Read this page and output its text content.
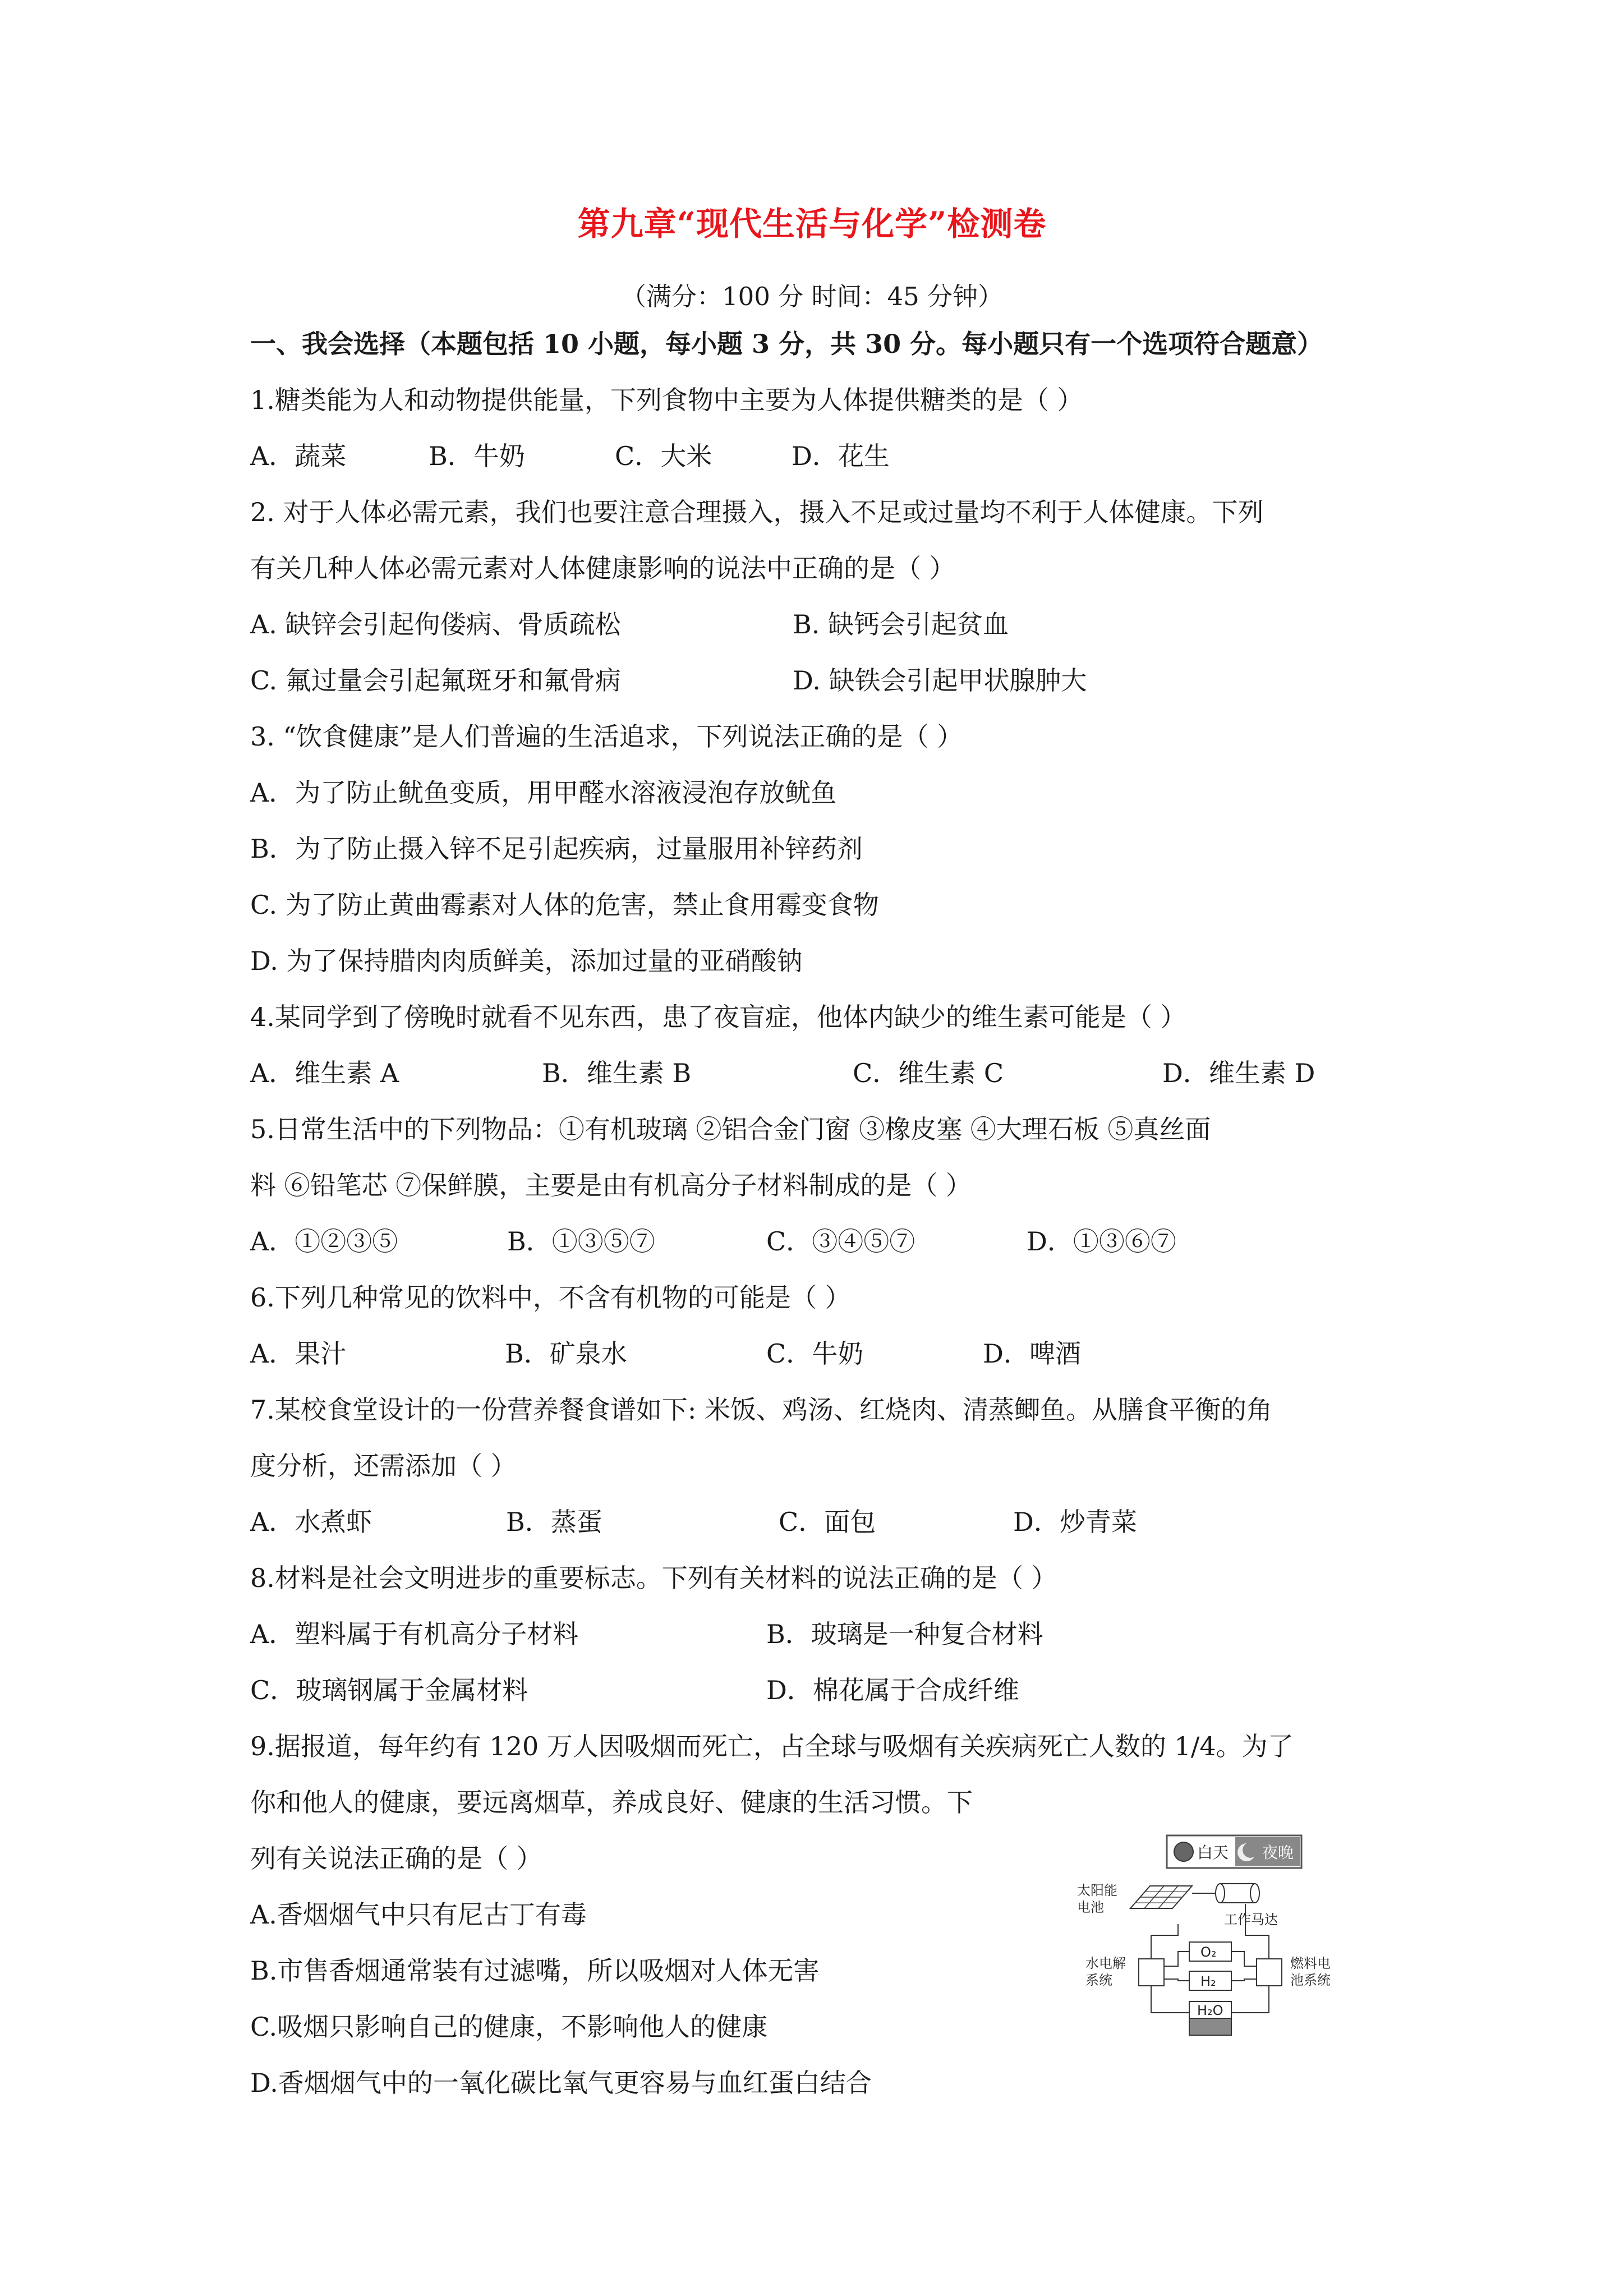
第九章“现代生活与化学”检测卷
（满分：100 分 时间：45 分钟）
一、我会选择（本题包括 10 小题，每小题 3 分，共 30 分。每小题只有一个选项符合题意）
1.糖类能为人和动物提供能量，下列食物中主要为人体提供糖类的是（ ）
A．蔬菜	B．牛奶	C．大米	D．花生
2. 对于人体必需元素，我们也要注意合理摄入，摄入不足或过量均不利于人体健康。下列
有关几种人体必需元素对人体健康影响的说法中正确的是（ ）
A. 缺锌会引起佝偻病、骨质疏松	B. 缺钙会引起贫血
C. 氟过量会引起氟斑牙和氟骨病	D. 缺铁会引起甲状腺肿大
3. “饮食健康”是人们普遍的生活追求，下列说法正确的是（ ）
A．为了防止鱿鱼变质，用甲醛水溶液浸泡存放鱿鱼
B．为了防止摄入锌不足引起疾病，过量服用补锌药剂
C. 为了防止黄曲霉素对人体的危害，禁止食用霉变食物
D. 为了保持腊肉肉质鲜美，添加过量的亚硝酸钠
4.某同学到了傍晚时就看不见东西，患了夜盲症，他体内缺少的维生素可能是（ ）
A．维生素 A	B．维生素 B	C．维生素 C	D．维生素 D
5.日常生活中的下列物品：①有机玻璃 ②铝合金门窗 ③橡皮塞 ④大理石板 ⑤真丝面
料 ⑥铅笔芯 ⑦保鲜膜，主要是由有机高分子材料制成的是（ ）
A．①②③⑤	B．①③⑤⑦	C．③④⑤⑦	D．①③⑥⑦
6.下列几种常见的饮料中，不含有机物的可能是（ ）
A．果汁	B．矿泉水	C．牛奶	D．啤酒
7.某校食堂设计的一份营养餐食谱如下: 米饭、鸡汤、红烧肉、清蒸鲫鱼。从膳食平衡的角
度分析，还需添加（ ）
A．水煮虾	B．蒸蛋	C．面包	D．炒青菜
8.材料是社会文明进步的重要标志。下列有关材料的说法正确的是（ ）
A．塑料属于有机高分子材料	B．玻璃是一种复合材料
C．玻璃钢属于金属材料	D．棉花属于合成纤维
9.据报道，每年约有 120 万人因吸烟而死亡，占全球与吸烟有关疾病死亡人数的 1/4。为了
你和他人的健康，要远离烟草，养成良好、健康的生活习惯。下
列有关说法正确的是（ ）
A.香烟烟气中只有尼古丁有毒
B.市售香烟通常装有过滤嘴，所以吸烟对人体无害
C.吸烟只影响自己的健康，不影响他人的健康
D.香烟烟气中的一氧化碳比氧气更容易与血红蛋白结合
白天 夜晚
太阳能
电池
工作马达
水电解
系统
燃料电
池系统
O₂
H₂
H₂O
